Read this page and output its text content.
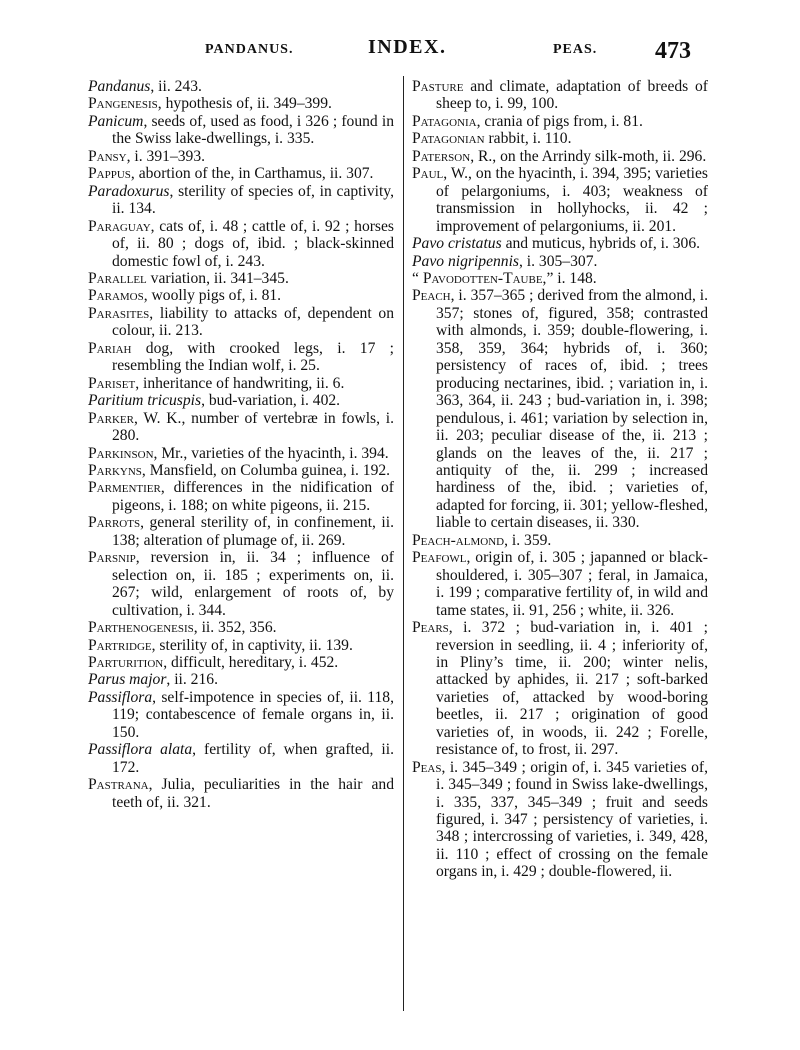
PANDANUS.	INDEX.	PEAS. 473
Pandanus, ii. 243.
Pangenesis, hypothesis of, ii. 349–399.
Panicum, seeds of, used as food, i 326 ; found in the Swiss lake-dwellings, i. 335.
Pansy, i. 391–393.
Pappus, abortion of the, in Carthamus, ii. 307.
Paradoxurus, sterility of species of, in captivity, ii. 134.
Paraguay, cats of, i. 48 ; cattle of, i. 92 ; horses of, ii. 80 ; dogs of, ibid. ; black-skinned domestic fowl of, i. 243.
Parallel variation, ii. 341–345.
Paramos, woolly pigs of, i. 81.
Parasites, liability to attacks of, dependent on colour, ii. 213.
Pariah dog, with crooked legs, i. 17 ; resembling the Indian wolf, i. 25.
Pariset, inheritance of handwriting, ii. 6.
Paritium tricuspis, bud-variation, i. 402.
Parker, W. K., number of vertebræ in fowls, i. 280.
Parkinson, Mr., varieties of the hyacinth, i. 394.
Parkyns, Mansfield, on Columba guinea, i. 192.
Parmentier, differences in the nidification of pigeons, i. 188; on white pigeons, ii. 215.
Parrots, general sterility of, in confinement, ii. 138; alteration of plumage of, ii. 269.
Parsnip, reversion in, ii. 34 ; influence of selection on, ii. 185 ; experiments on, ii. 267; wild, enlargement of roots of, by cultivation, i. 344.
Parthenogenesis, ii. 352, 356.
Partridge, sterility of, in captivity, ii. 139.
Parturition, difficult, hereditary, i. 452.
Parus major, ii. 216.
Passiflora, self-impotence in species of, ii. 118, 119; contabescence of female organs in, ii. 150.
Passiflora alata, fertility of, when grafted, ii. 172.
Pastrana, Julia, peculiarities in the hair and teeth of, ii. 321.
Pasture and climate, adaptation of breeds of sheep to, i. 99, 100.
Patagonia, crania of pigs from, i. 81.
Patagonian rabbit, i. 110.
Paterson, R., on the Arrindy silk-moth, ii. 296.
Paul, W., on the hyacinth, i. 394, 395; varieties of pelargoniums, i. 403; weakness of transmission in hollyhocks, ii. 42 ; improvement of pelargoniums, ii. 201.
Pavo cristatus and muticus, hybrids of, i. 306.
Pavo nigripennis, i. 305–307.
“ Pavodotten-Taube,” i. 148.
Peach, i. 357–365 ; derived from the almond, i. 357; stones of, figured, 358; contrasted with almonds, i. 359; double-flowering, i. 358, 359, 364; hybrids of, i. 360; persistency of races of, ibid. ; trees producing nectarines, ibid. ; variation in, i. 363, 364, ii. 243 ; bud-variation in, i. 398; pendulous, i. 461; variation by selection in, ii. 203; peculiar disease of the, ii. 213 ; glands on the leaves of the, ii. 217 ; antiquity of the, ii. 299 ; increased hardiness of the, ibid. ; varieties of, adapted for forcing, ii. 301; yellow-fleshed, liable to certain diseases, ii. 330.
Peach-almond, i. 359.
Peafowl, origin of, i. 305 ; japanned or black-shouldered, i. 305–307 ; feral, in Jamaica, i. 199 ; comparative fertility of, in wild and tame states, ii. 91, 256 ; white, ii. 326.
Pears, i. 372 ; bud-variation in, i. 401 ; reversion in seedling, ii. 4 ; inferiority of, in Pliny’s time, ii. 200; winter nelis, attacked by aphides, ii. 217 ; soft-barked varieties of, attacked by wood-boring beetles, ii. 217 ; origination of good varieties of, in woods, ii. 242 ; Forelle, resistance of, to frost, ii. 297.
Peas, i. 345–349 ; origin of, i. 345 varieties of, i. 345–349 ; found in Swiss lake-dwellings, i. 335, 337, 345–349 ; fruit and seeds figured, i. 347 ; persistency of varieties, i. 348 ; intercrossing of varieties, i. 349, 428, ii. 110 ; effect of crossing on the female organs in, i. 429 ; double-flowered, ii.
